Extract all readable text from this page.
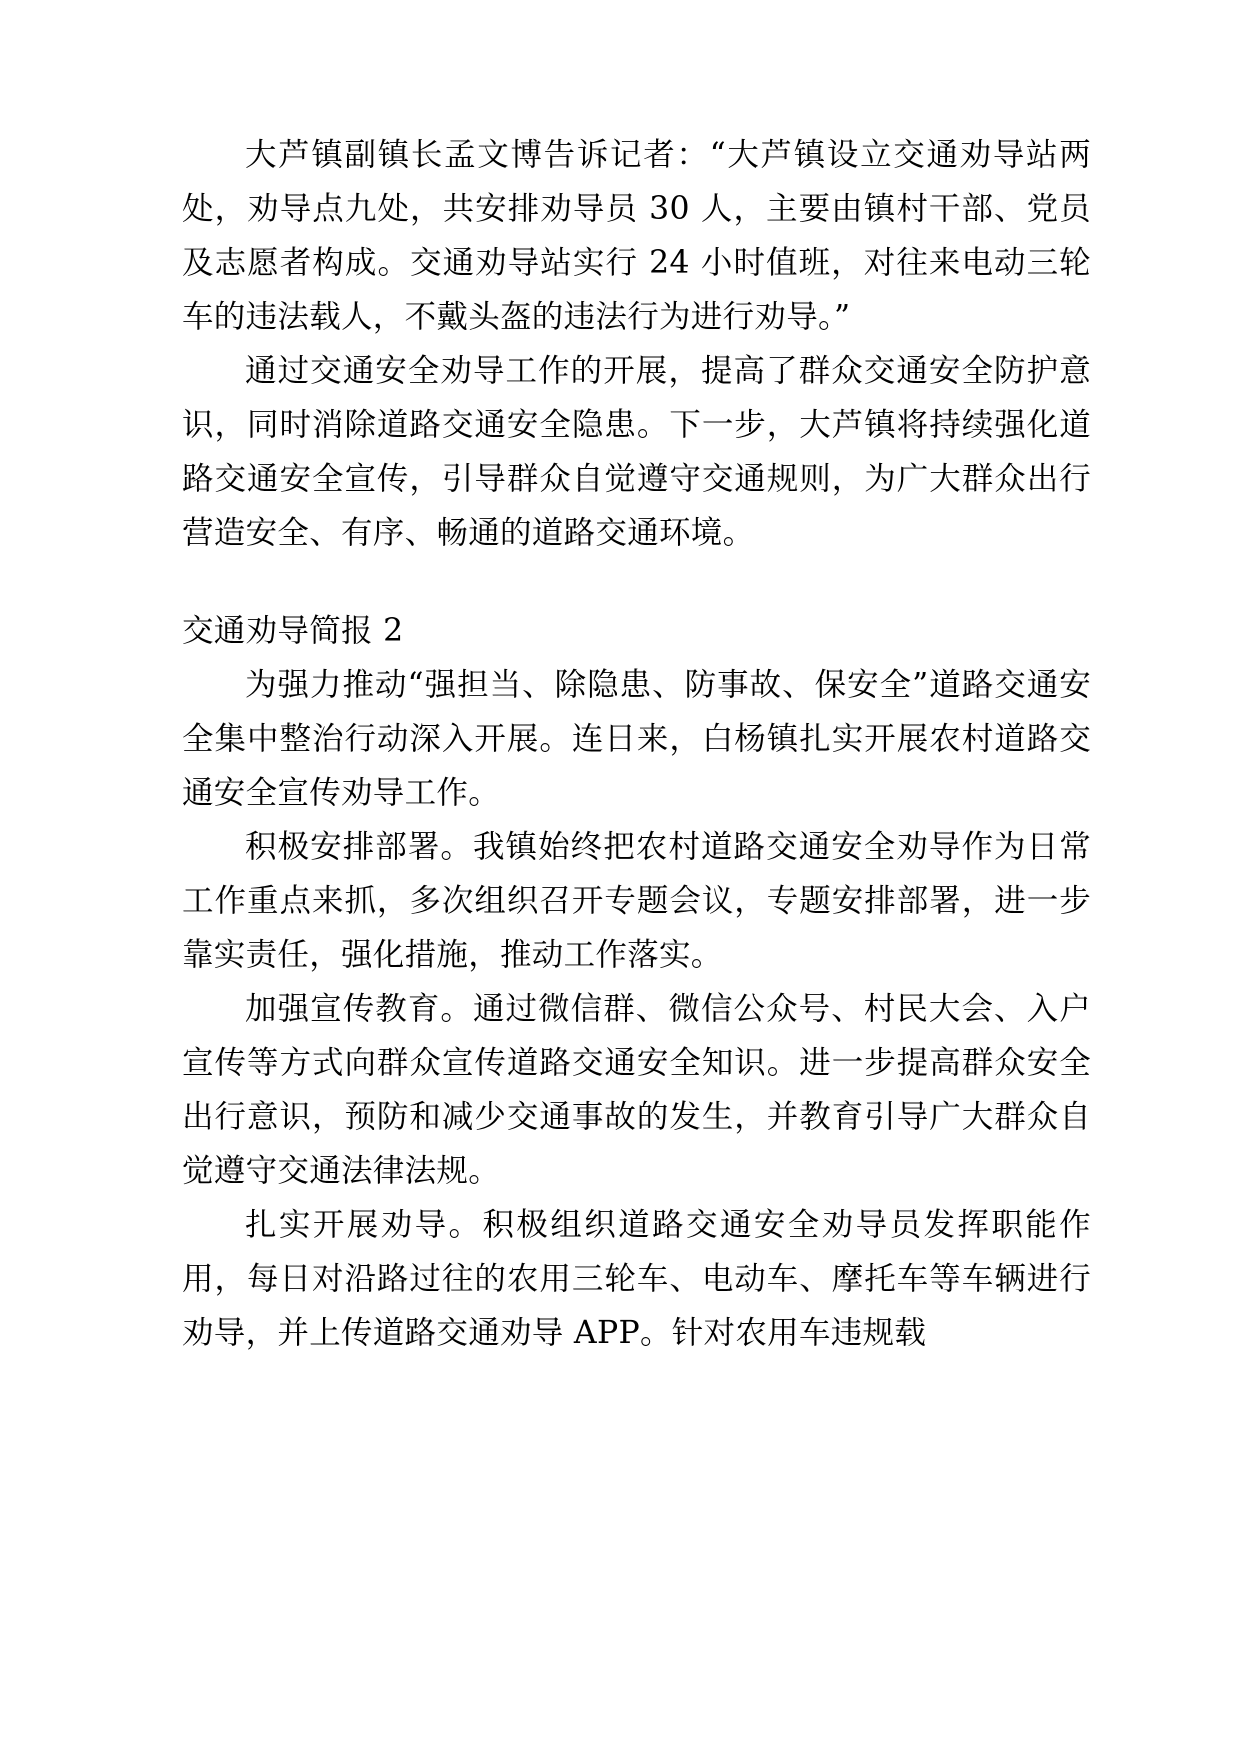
大芦镇副镇长孟文博告诉记者：“大芦镇设立交通劝导站两处，劝导点九处，共安排劝导员 30 人，主要由镇村干部、党员及志愿者构成。交通劝导站实行 24 小时值班，对往来电动三轮车的违法载人，不戴头盔的违法行为进行劝导。”

通过交通安全劝导工作的开展，提高了群众交通安全防护意识，同时消除道路交通安全隐患。下一步，大芦镇将持续强化道路交通安全宣传，引导群众自觉遵守交通规则，为广大群众出行营造安全、有序、畅通的道路交通环境。

交通劝导简报 2

为强力推动“强担当、除隐患、防事故、保安全”道路交通安全集中整治行动深入开展。连日来，白杨镇扎实开展农村道路交通安全宣传劝导工作。

积极安排部署。我镇始终把农村道路交通安全劝导作为日常工作重点来抓，多次组织召开专题会议，专题安排部署，进一步靠实责任，强化措施，推动工作落实。

加强宣传教育。通过微信群、微信公众号、村民大会、入户宣传等方式向群众宣传道路交通安全知识。进一步提高群众安全出行意识，预防和减少交通事故的发生，并教育引导广大群众自觉遵守交通法律法规。

扎实开展劝导。积极组织道路交通安全劝导员发挥职能作用，每日对沿路过往的农用三轮车、电动车、摩托车等车辆进行劝导，并上传道路交通劝导 APP。针对农用车违规载
